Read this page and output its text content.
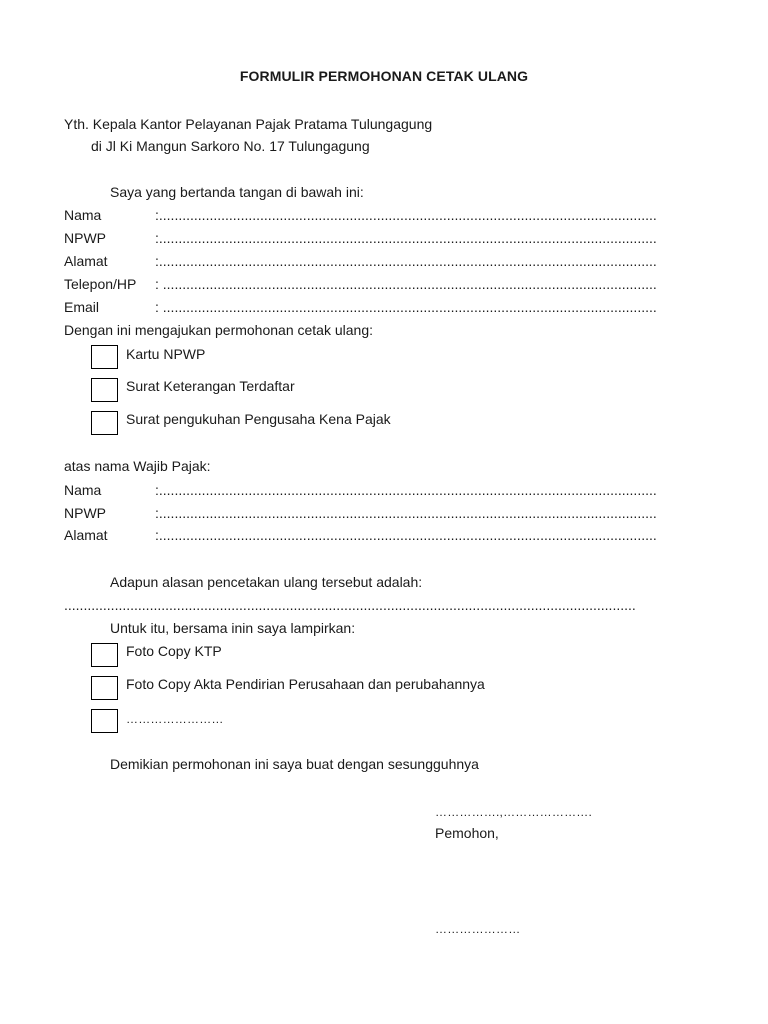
FORMULIR PERMOHONAN CETAK ULANG
Yth. Kepala Kantor Pelayanan Pajak Pratama Tulungagung
di Jl Ki Mangun Sarkoro No. 17 Tulungagung
Saya yang bertanda tangan di bawah ini:
Nama	:................................................................................................................................
NPWP	:................................................................................................................................
Alamat	:................................................................................................................................
Telepon/HP : ...............................................................................................................................
Email	: ...............................................................................................................................
Dengan ini mengajukan permohonan cetak ulang:
Kartu NPWP
Surat Keterangan Terdaftar
Surat pengukuhan Pengusaha Kena Pajak
atas nama Wajib Pajak:
Nama	:................................................................................................................................
NPWP	:................................................................................................................................
Alamat	:................................................................................................................................
Adapun alasan pencetakan ulang tersebut adalah:
...................................................................................................................................................
Untuk itu, bersama inin saya lampirkan:
Foto Copy KTP
Foto Copy Akta Pendirian Perusahaan dan perubahannya
……………………
Demikian permohonan ini saya buat dengan sesungguhnya
…………….,………………….
Pemohon,
…………………
